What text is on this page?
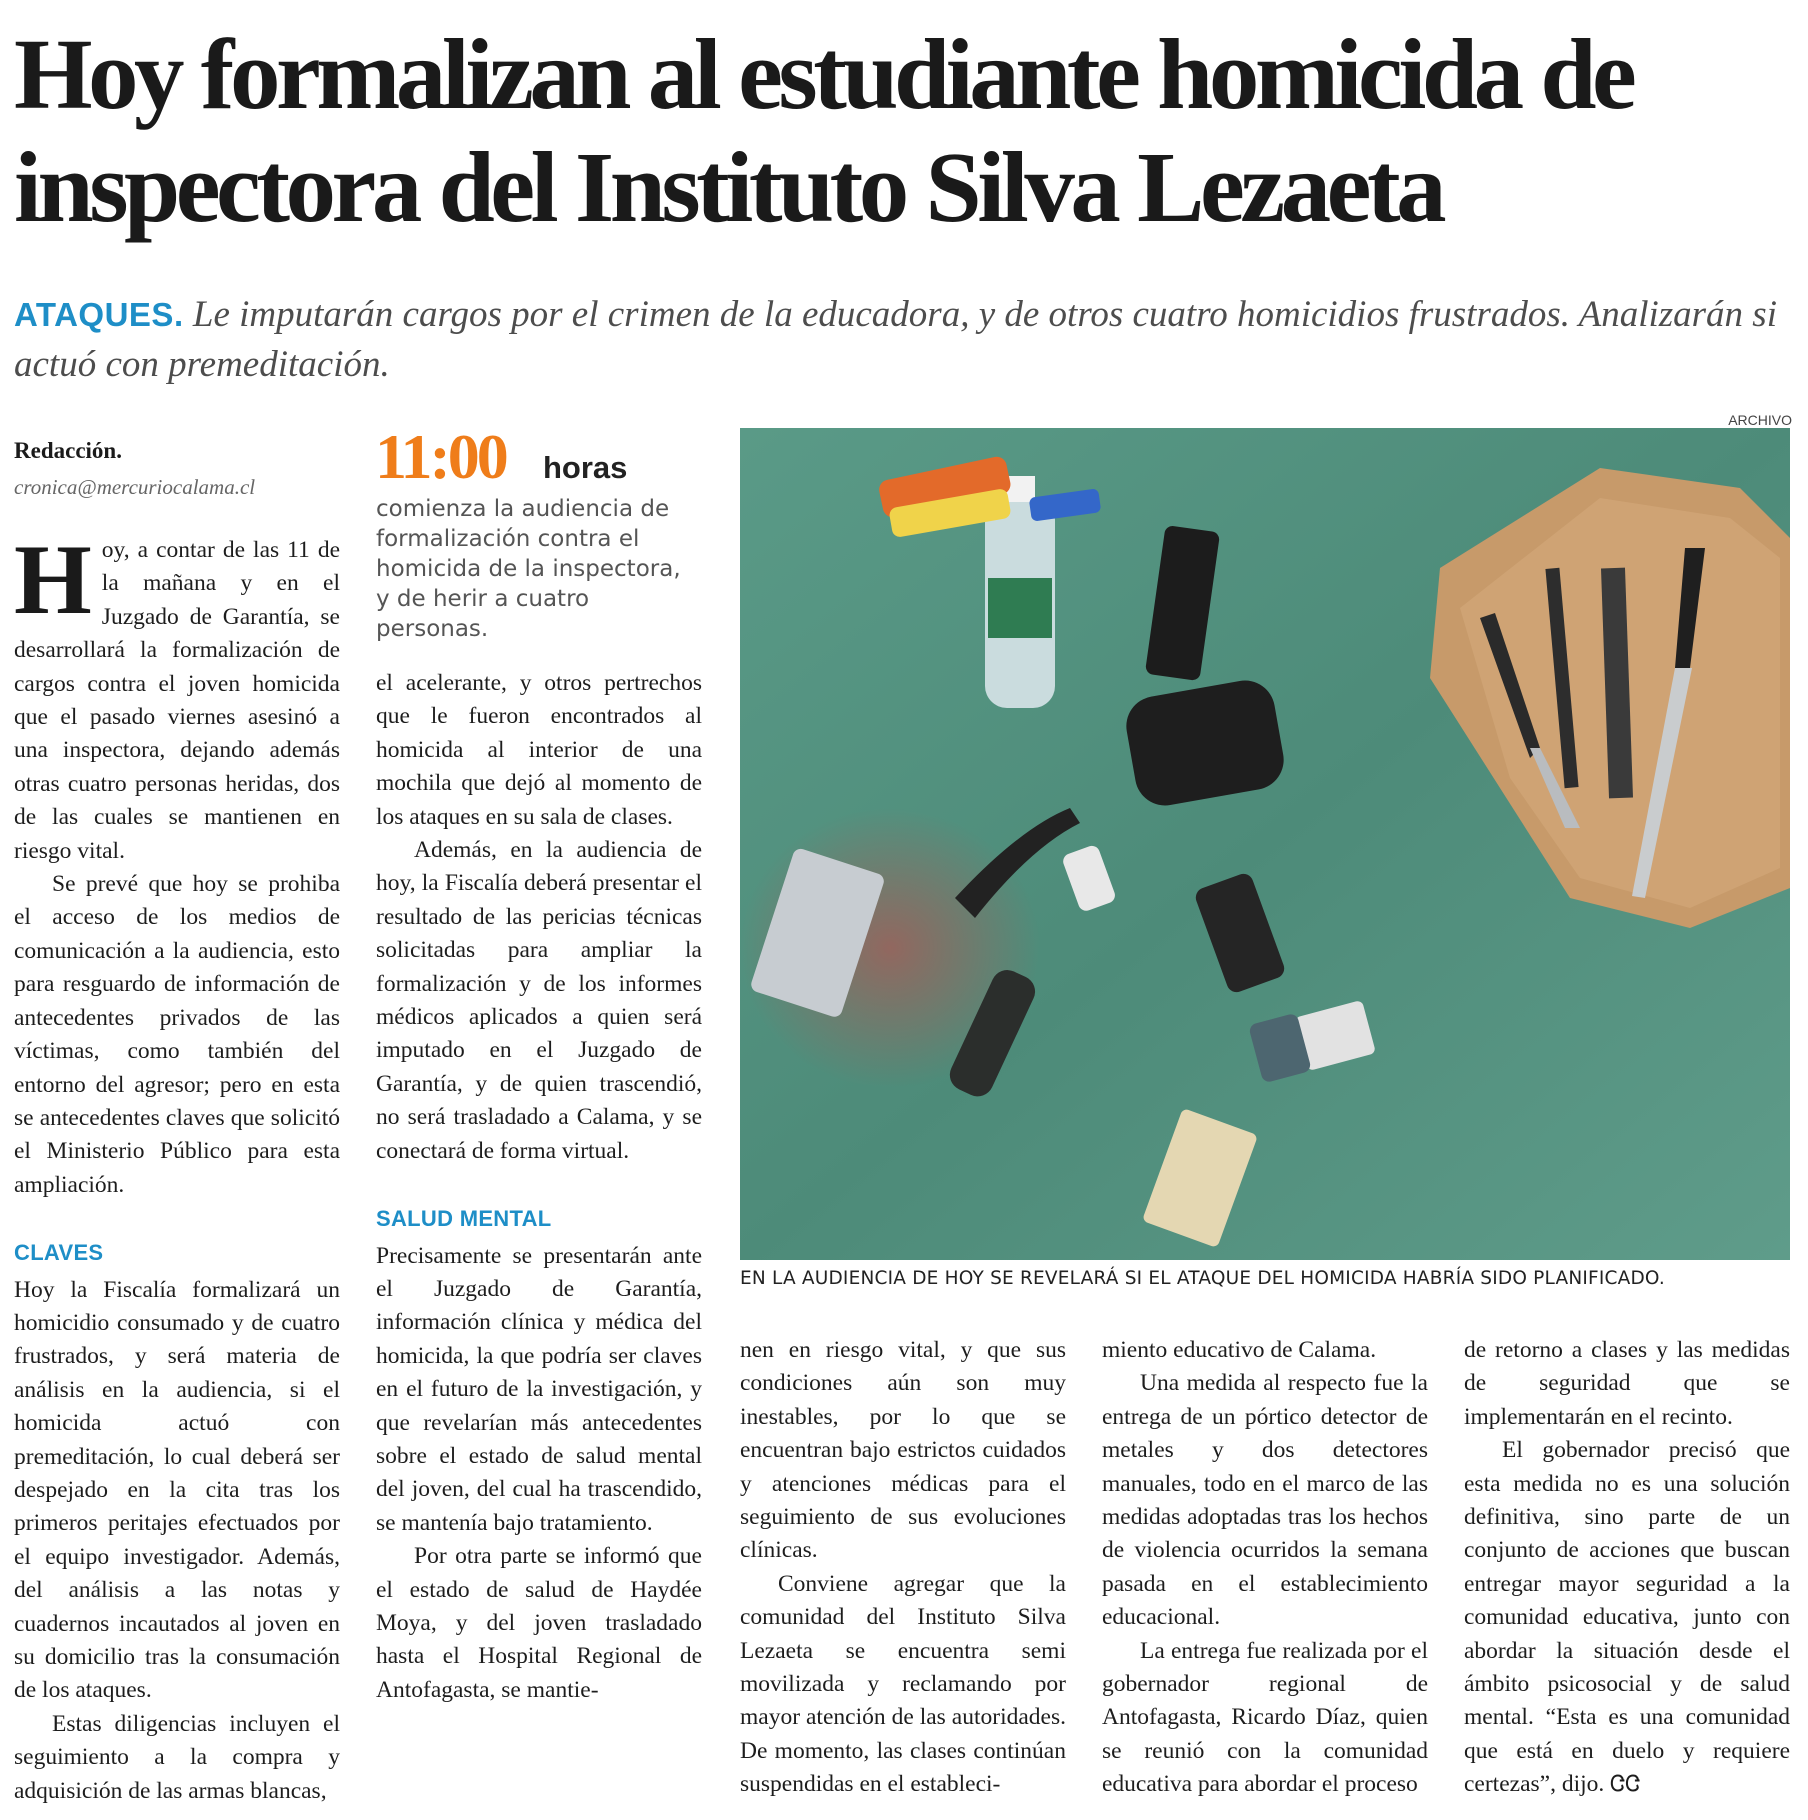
Hoy formalizan al estudiante homicida de inspectora del Instituto Silva Lezaeta

ATAQUES. Le imputarán cargos por el crimen de la educadora, y de otros cuatro homicidios frustrados. Analizarán si actuó con premeditación.

Redacción.
cronica@mercuriocalama.cl 11:00 horas
comienza la audiencia de formalización contra el homicida de la inspectora, y de herir a cuatro personas.
ARCHIVO
EN LA AUDIENCIA DE HOY SE REVELARÁ SI EL ATAQUE DEL HOMICIDA HABRÍA SIDO PLANIFICADO.

Hoy, a contar de las 11 de la mañana y en el Juzgado de Garantía, se desarrollará la formalización de cargos contra el joven homicida que el pasado viernes asesinó a una inspectora, dejando además otras cuatro personas heridas, dos de las cuales se mantienen en riesgo vital.

Se prevé que hoy se prohiba el acceso de los medios de comunicación a la audiencia, esto para resguardo de información de antecedentes privados de las víctimas, como también del entorno del agresor; pero en esta se antecedentes claves que solicitó el Ministerio Público para esta ampliación.

CLAVES

Hoy la Fiscalía formalizará un homicidio consumado y de cuatro frustrados, y será materia de análisis en la audiencia, si el homicida actuó con premeditación, lo cual deberá ser despejado en la cita tras los primeros peritajes efectuados por el equipo investigador. Además, del análisis a las notas y cuadernos incautados al joven en su domicilio tras la consumación de los ataques.

Estas diligencias incluyen el seguimiento a la compra y adquisición de las armas blancas,

el acelerante, y otros pertrechos que le fueron encontrados al homicida al interior de una mochila que dejó al momento de los ataques en su sala de clases.

Además, en la audiencia de hoy, la Fiscalía deberá presentar el resultado de las pericias técnicas solicitadas para ampliar la formalización y de los informes médicos aplicados a quien será imputado en el Juzgado de Garantía, y de quien trascendió, no será trasladado a Calama, y se conectará de forma virtual.

SALUD MENTAL

Precisamente se presentarán ante el Juzgado de Garantía, información clínica y médica del homicida, la que podría ser claves en el futuro de la investigación, y que revelarían más antecedentes sobre el estado de salud mental del joven, del cual ha trascendido, se mantenía bajo tratamiento.

Por otra parte se informó que el estado de salud de Haydée Moya, y del joven trasladado hasta el Hospital Regional de Antofagasta, se mantie-

nen en riesgo vital, y que sus condiciones aún son muy inestables, por lo que se encuentran bajo estrictos cuidados y atenciones médicas para el seguimiento de sus evoluciones clínicas.

Conviene agregar que la comunidad del Instituto Silva Lezaeta se encuentra semi movilizada y reclamando por mayor atención de las autoridades. De momento, las clases continúan suspendidas en el estableci-

miento educativo de Calama.

Una medida al respecto fue la entrega de un pórtico detector de metales y dos detectores manuales, todo en el marco de las medidas adoptadas tras los hechos de violencia ocurridos la semana pasada en el establecimiento educacional.

La entrega fue realizada por el gobernador regional de Antofagasta, Ricardo Díaz, quien se reunió con la comunidad educativa para abordar el proceso

de retorno a clases y las medidas de seguridad que se implementarán en el recinto.

El gobernador precisó que esta medida no es una solución definitiva, sino parte de un conjunto de acciones que buscan entregar mayor seguridad a la comunidad educativa, junto con abordar la situación desde el ámbito psicosocial y de salud mental. “Esta es una comunidad que está en duelo y requiere certezas”, dijo. ᏣᏣ
